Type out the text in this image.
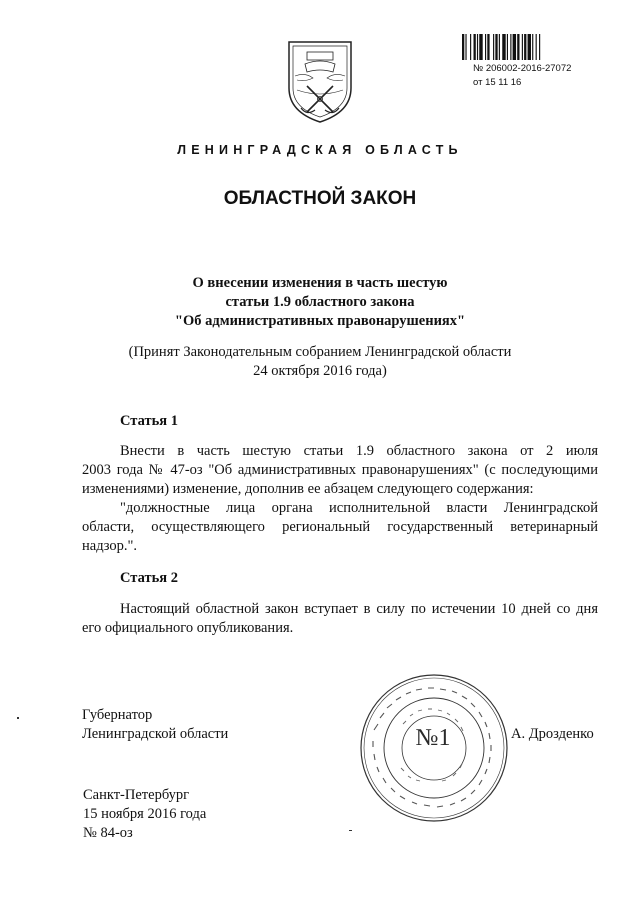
№ 206002-2016-27072
от 15 11 16
ЛЕНИНГРАДСКАЯ ОБЛАСТЬ
ОБЛАСТНОЙ ЗАКОН
О внесении изменения в часть шестую
статьи 1.9 областного закона
"Об административных правонарушениях"
(Принят Законодательным собранием Ленинградской области
24 октября 2016 года)
Статья 1
Внести в часть шестую статьи 1.9 областного закона от 2 июля
2003 года № 47-оз "Об административных правонарушениях" (с последующими
изменениями) изменение, дополнив ее абзацем следующего содержания:
"должностные лица органа исполнительной власти Ленинградской
области, осуществляющего региональный государственный ветеринарный
надзор.".
Статья 2
Настоящий областной закон вступает в силу по истечении 10 дней со дня
его официального опубликования.
Губернатор
Ленинградской области	А. Дрозденко
№1
Санкт-Петербург
15 ноября 2016 года
№ 84-оз
